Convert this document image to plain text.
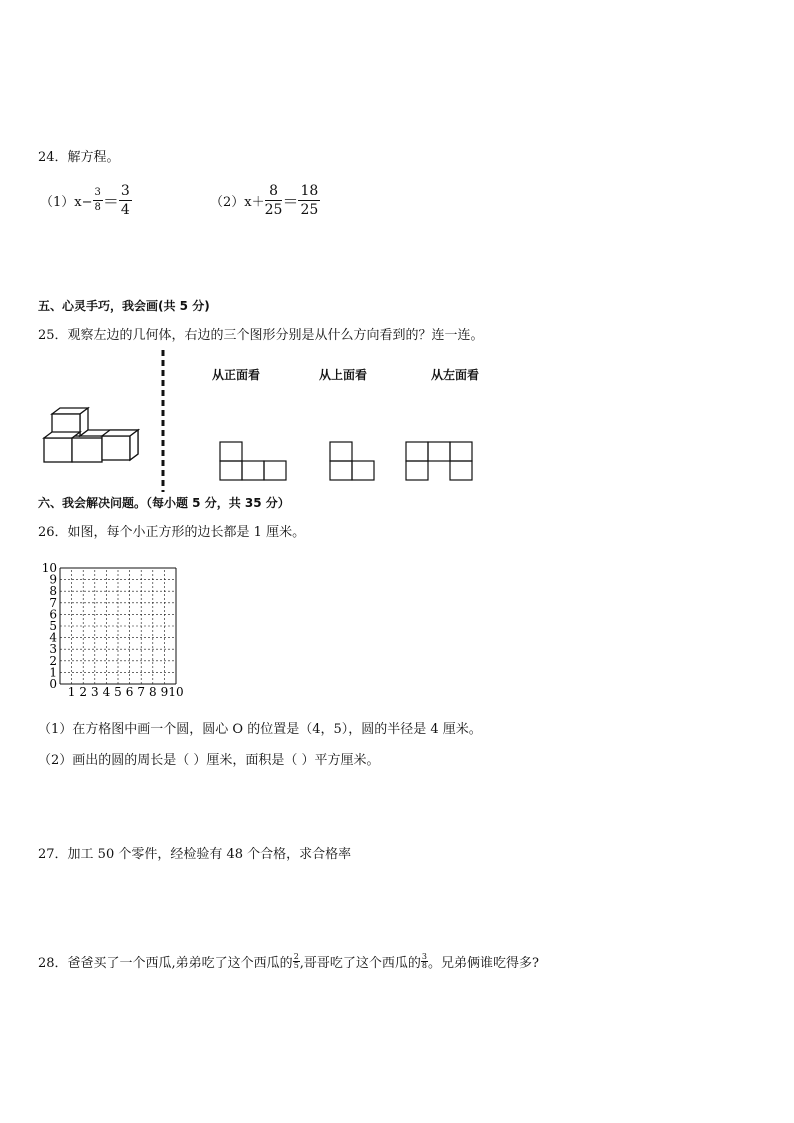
24．解方程。
$(1)x- \frac{3}{8} = \frac{3}{4}$	$(2)x+ \frac{8}{25} = \frac{18}{25}$
五、心灵手巧，我会画(共 5 分)
25．观察左边的几何体，右边的三个图形分别是从什么方向看到的？连一连。
从正面看	从上面看	从左面看
六、我会解决问题。（每小题 5 分，共 35 分）
26．如图，每个小正方形的边长都是 1 厘米。
10
9
8
7
6
5
4
3
2
1
0
1 2 3 4 5 6 7 8 9 10
（1）在方格图中画一个圆，圆心 O 的位置是（4，5），圆的半径是 4 厘米。
（2）画出的圆的周长是（ ）厘米，面积是（ ）平方厘米。
27．加工 50 个零件，经检验有 48 个合格，求合格率
28．爸爸买了一个西瓜,弟弟吃了这个西瓜的 $\frac{2}{5}$ ,哥哥吃了这个西瓜的 $\frac{3}{8}$ 。兄弟俩谁吃得多?
